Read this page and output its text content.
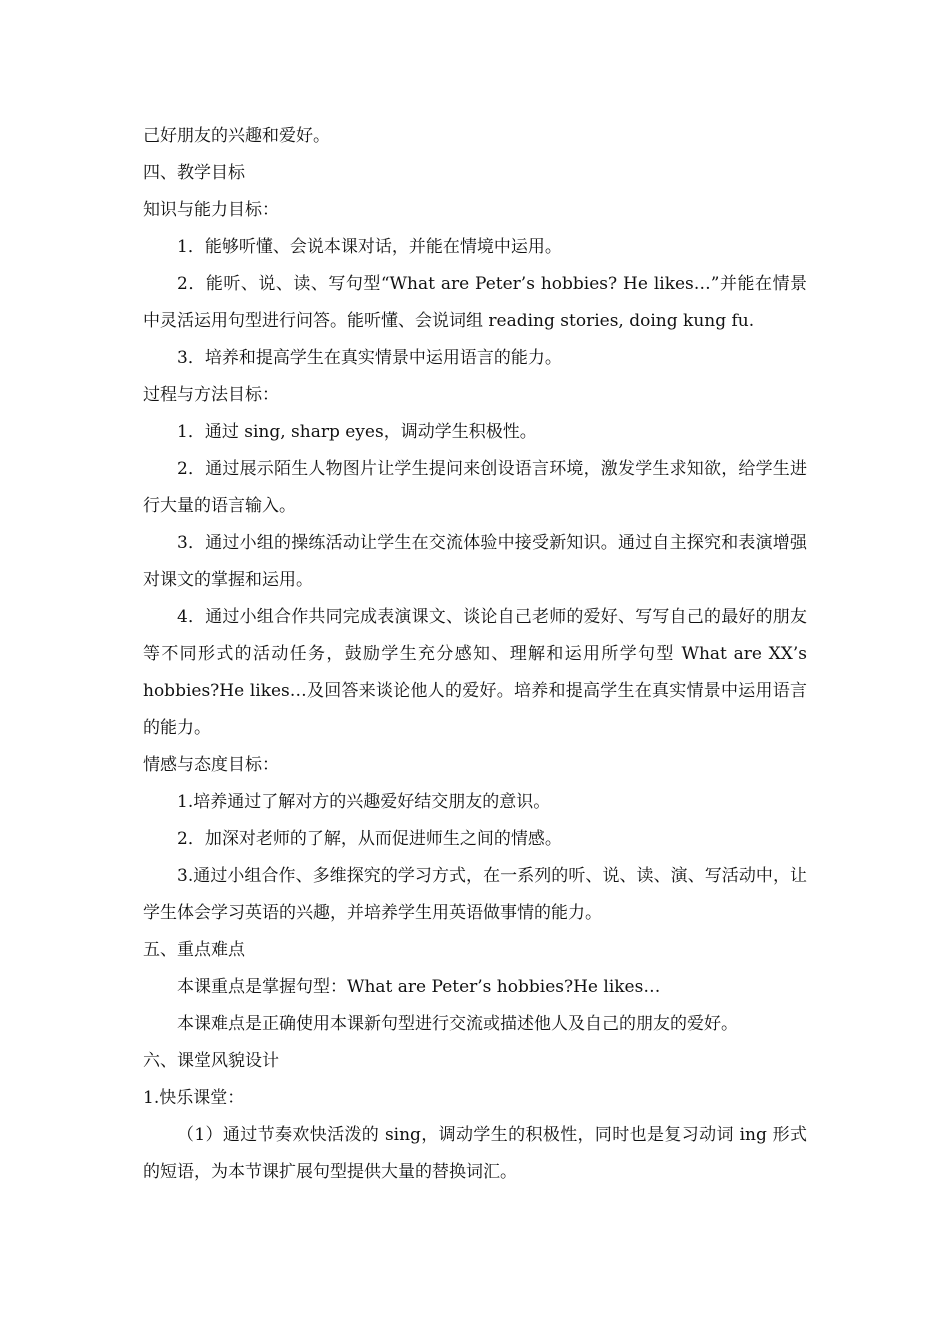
己好朋友的兴趣和爱好。

四、教学目标

知识与能力目标：

1．能够听懂、会说本课对话，并能在情境中运用。

2．能听、说、读、写句型“What are Peter’s hobbies? He likes…”并能在情景中灵活运用句型进行问答。能听懂、会说词组 reading stories, doing kung fu.

3．培养和提高学生在真实情景中运用语言的能力。

过程与方法目标：

1．通过 sing, sharp eyes，调动学生积极性。

2．通过展示陌生人物图片让学生提问来创设语言环境，激发学生求知欲，给学生进行大量的语言输入。

3．通过小组的操练活动让学生在交流体验中接受新知识。通过自主探究和表演增强对课文的掌握和运用。

4．通过小组合作共同完成表演课文、谈论自己老师的爱好、写写自己的最好的朋友等不同形式的活动任务，鼓励学生充分感知、理解和运用所学句型 What are XX’s hobbies?He likes…及回答来谈论他人的爱好。培养和提高学生在真实情景中运用语言的能力。

情感与态度目标：

1.培养通过了解对方的兴趣爱好结交朋友的意识。

2．加深对老师的了解，从而促进师生之间的情感。

3.通过小组合作、多维探究的学习方式，在一系列的听、说、读、演、写活动中，让学生体会学习英语的兴趣，并培养学生用英语做事情的能力。

五、重点难点

本课重点是掌握句型：What are Peter’s hobbies?He likes…

本课难点是正确使用本课新句型进行交流或描述他人及自己的朋友的爱好。

六、课堂风貌设计

1.快乐课堂：

（1）通过节奏欢快活泼的 sing，调动学生的积极性，同时也是复习动词 ing 形式的短语，为本节课扩展句型提供大量的替换词汇。
